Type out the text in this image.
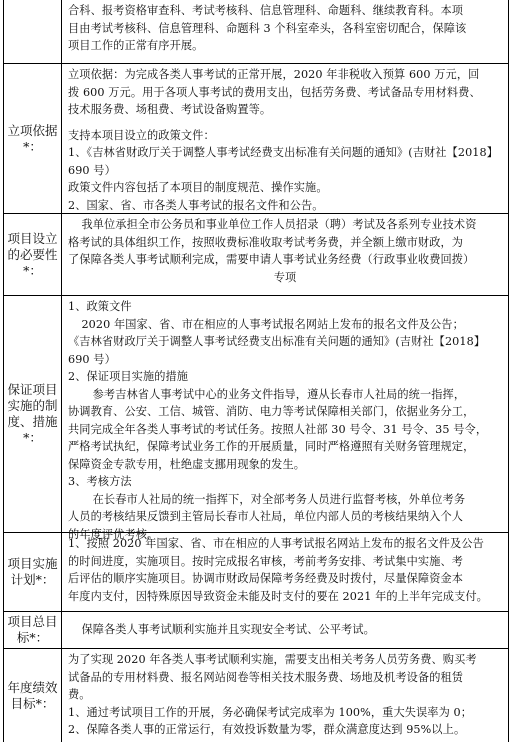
合科、报考资格审查科、考试考核科、信息管理科、命题科、继续教育科。本项

目由考试考核科、信息管理科、命题科 3 个科室牵头，各科室密切配合，保障该

项目工作的正常有序开展。

立项依据*：

立项依据：为完成各类人事考试的正常开展，2020 年非税收入预算 600 万元，回

拨 600 万元。用于各项人事考试的费用支出，包括劳务费、考试备品专用材料费、

技术服务费、场租费、考试设备购置等。

支持本项目设立的政策文件：

1、《吉林省财政厅关于调整人事考试经费支出标准有关问题的通知》(吉财社【2018】

690 号）

政策文件内容包括了本项目的制度规范、操作实施。

2、国家、省、市各类人事考试的报名文件和公告。

项目设立的必要性*：

我单位承担全市公务员和事业单位工作人员招录（聘）考试及各系列专业技术资

格考试的具体组织工作，按照收费标准收取考试考务费，并全额上缴市财政，为

了保障各类人事考试顺利完成，需要申请人事考试业务经费（行政事业收费回拨）

专项

保证项目实施的制度、措施*：

1、政策文件

2020 年国家、省、市在相应的人事考试报名网站上发布的报名文件及公告；

《吉林省财政厅关于调整人事考试经费支出标准有关问题的通知》(吉财社【2018】

690 号）

2、保证项目实施的措施

参考吉林省人事考试中心的业务文件指导，遵从长春市人社局的统一指挥，

协调教育、公安、工信、城管、消防、电力等考试保障相关部门，依据业务分工，

共同完成全年各类人事考试的考试任务。按照人社部 30 号令、31 号令、35 号令，

严格考试执纪，保障考试业务工作的开展质量，同时严格遵照有关财务管理规定，

保障资金专款专用，杜绝虚支挪用现象的发生。

3、考核方法

在长春市人社局的统一指挥下，对全部考务人员进行监督考核，外单位考务

人员的考核结果反馈到主管局长春市人社局，单位内部人员的考核结果纳入个人

的年度评优考核。

项目实施计划*：

1、按照 2020 年国家、省、市在相应的人事考试报名网站上发布的报名文件及公告

的时间进度，实施项目。按时完成报名审核，考前考务安排、考试集中实施、考

后评估的顺序实施项目。协调市财政局保障考务经费及时拨付，尽量保障资金本

年度内支付，因特殊原因导致资金未能及时支付的要在 2021 年的上半年完成支付。

项目总目标*：

保障各类人事考试顺利实施并且实现安全考试、公平考试。

年度绩效目标*：

为了实现 2020 年各类人事考试顺利实施，需要支出相关考务人员劳务费、购买考

试备品的专用材料费、报名网站阅卷等相关技术服务费、场地及机考设备的租赁

费。

1、通过考试项目工作的开展，务必确保考试完成率为 100%，重大失误率为 0；

2、保障各类人事的正常运行，有效投诉数量为零，群众满意度达到 95%以上。
